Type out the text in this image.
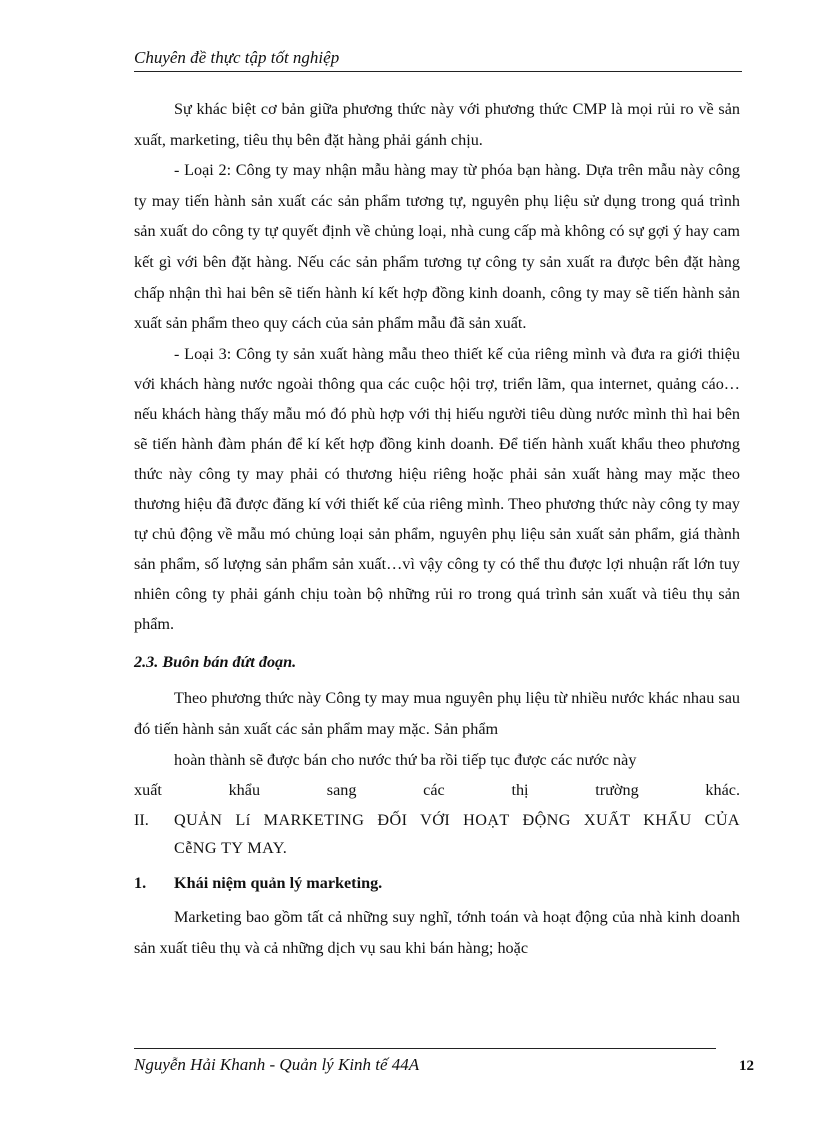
Chuyên đề thực tập tốt nghiệp

Sự khác biệt cơ bản giữa phương thức này với phương thức CMP là mọi rủi ro về sản xuất, marketing, tiêu thụ bên đặt hàng phải gánh chịu.

- Loại 2: Công ty may nhận mẫu hàng may từ phóa bạn hàng. Dựa trên mẫu này công ty may tiến hành sản xuất các sản phẩm tương tự, nguyên phụ liệu sử dụng trong quá trình sản xuất do công ty tự quyết định về chủng loại, nhà cung cấp mà không có sự gợi ý hay cam kết gì với bên đặt hàng. Nếu các sản phẩm tương tự công ty sản xuất ra được bên đặt hàng chấp nhận thì hai bên sẽ tiến hành kí kết hợp đồng kinh doanh, công ty may sẽ tiến hành sản xuất sản phẩm theo quy cách của sản phẩm mẫu đã sản xuất.

- Loại 3: Công ty sản xuất hàng mẫu theo thiết kế của riêng mình và đưa ra giới thiệu với khách hàng nước ngoài thông qua các cuộc hội trợ, triển lãm, qua internet, quảng cáo… nếu khách hàng thấy mẫu mó đó phù hợp với thị hiếu người tiêu dùng nước mình thì hai bên sẽ tiến hành đàm phán để kí kết hợp đồng kinh doanh. Để tiến hành xuất khẩu theo phương thức này công ty may phải có thương hiệu riêng hoặc phải sản xuất hàng may mặc theo thương hiệu đã được đăng kí với thiết kế của riêng mình. Theo phương thức này công ty may tự chủ động về mẫu mó chủng loại sản phẩm, nguyên phụ liệu sản xuất sản phẩm, giá thành sản phẩm, số lượng sản phẩm sản xuất…vì vậy công ty có thể thu được lợi nhuận rất lớn tuy nhiên công ty phải gánh chịu toàn bộ những rủi ro trong quá trình sản xuất và tiêu thụ sản phẩm.

2.3. Buôn bán đứt đoạn.

Theo phương thức này Công ty may mua nguyên phụ liệu từ nhiều nước khác nhau sau đó tiến hành sản xuất các sản phẩm may mặc. Sản phẩm

hoàn thành sẽ được bán cho nước thứ ba rồi tiếp tục được các nước này

xuất khẩu sang các thị trường khác.

II.	QUẢN Lí MARKETING ĐỐI VỚI HOẠT ĐỘNG XUẤT KHẨU CỦA
CễNG TY MAY.
1.	Khái niệm quản lý marketing.

Marketing bao gồm tất cả những suy nghĩ, tớnh toán và hoạt động của nhà kinh doanh sản xuất tiêu thụ và cả những dịch vụ sau khi bán hàng; hoặc

Nguyễn Hải Khanh - Quản lý Kinh tế 44A	12
